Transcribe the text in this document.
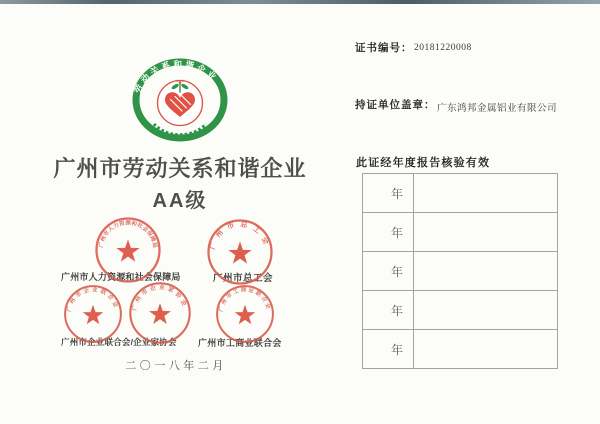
劳动关系和谐企业
广州市劳动关系和谐企业
AA级
广州市人力资源和社会保障局	广州市总工会
广州市企业联合会/企业家协会 广州市工商业联合会
广州市人力资源和社会保障局	广州市总工会
广州市企业联合会	广州市企业家协会
广州市工商业联合会
二〇一八年二月
证书编号： 20181220008
持证单位盖章： 广东鸿邦金属铝业有限公司
此证经年度报告核验有效
年	
年	
年	
年	
年	
